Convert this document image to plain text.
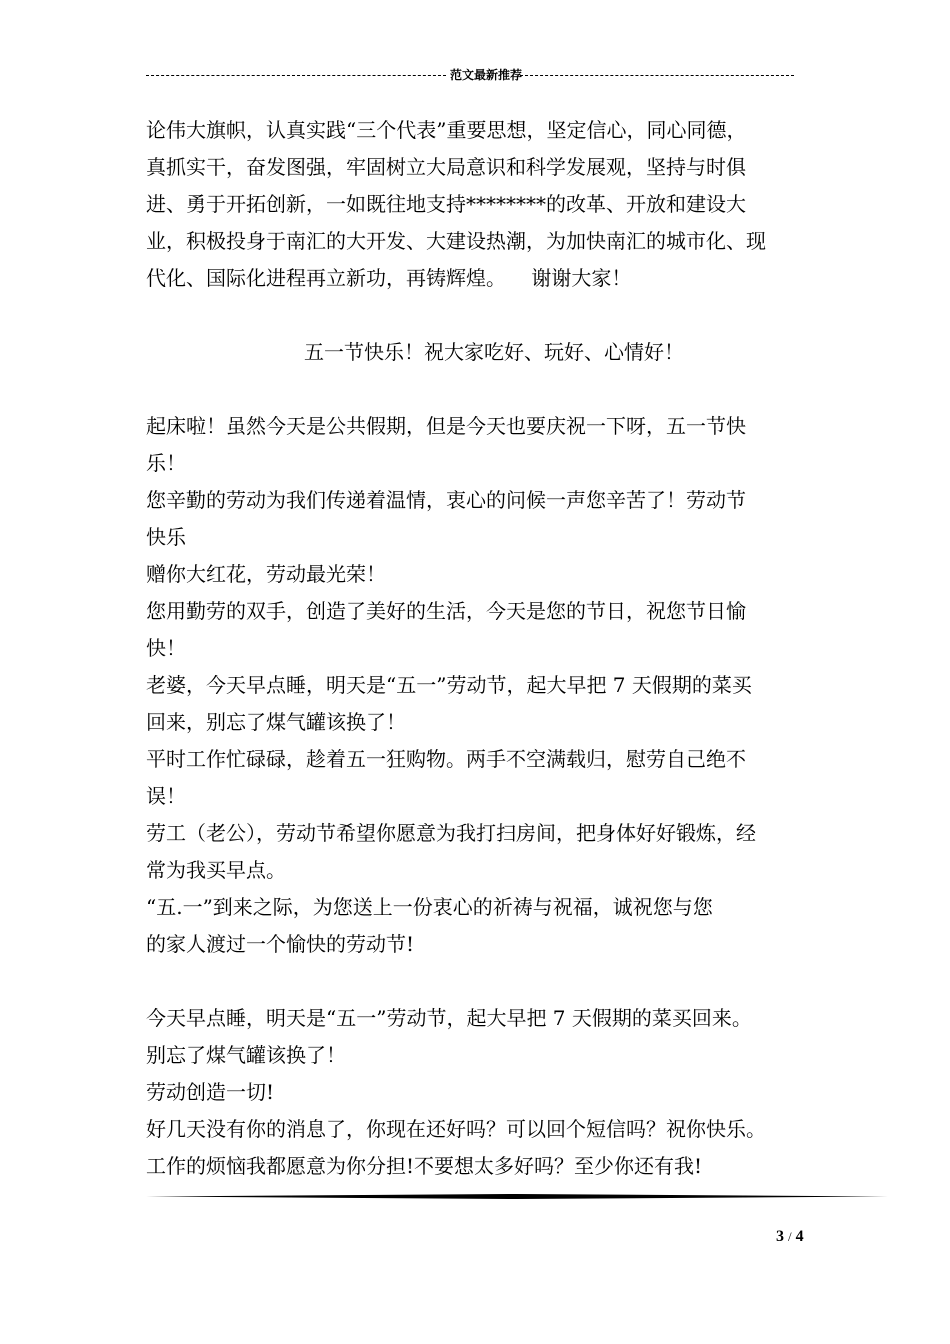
范文最新推荐
论伟大旗帜，认真实践“三个代表”重要思想，坚定信心，同心同德，
真抓实干，奋发图强，牢固树立大局意识和科学发展观，坚持与时俱
进、勇于开拓创新，一如既往地支持********的改革、开放和建设大
业，积极投身于南汇的大开发、大建设热潮，为加快南汇的城市化、现
代化、国际化进程再立新功，再铸辉煌。    谢谢大家！
五一节快乐！祝大家吃好、玩好、心情好！
起床啦！虽然今天是公共假期，但是今天也要庆祝一下呀，五一节快
乐！
您辛勤的劳动为我们传递着温情，衷心的问候一声您辛苦了！劳动节
快乐
赠你大红花，劳动最光荣！
您用勤劳的双手，创造了美好的生活，今天是您的节日，祝您节日愉
快！
老婆，今天早点睡，明天是“五一”劳动节，起大早把 7 天假期的菜买
回来，别忘了煤气罐该换了！
平时工作忙碌碌，趁着五一狂购物。两手不空满载归，慰劳自己绝不
误！
劳工（老公），劳动节希望你愿意为我打扫房间，把身体好好锻炼，经
常为我买早点。
“五.一”到来之际，为您送上一份衷心的祈祷与祝福，诚祝您与您
的家人渡过一个愉快的劳动节!
今天早点睡，明天是“五一”劳动节，起大早把 7 天假期的菜买回来。
别忘了煤气罐该换了！
劳动创造一切!
好几天没有你的消息了，你现在还好吗？可以回个短信吗？祝你快乐。
工作的烦恼我都愿意为你分担!不要想太多好吗？至少你还有我!
3 / 4
